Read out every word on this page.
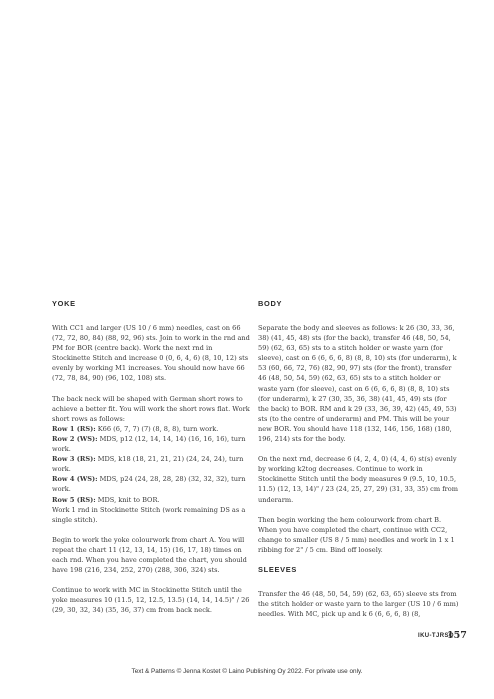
YOKE

With CC1 and larger (US 10 / 6 mm) needles, cast on 66 (72, 72, 80, 84) (88, 92, 96) sts. Join to work in the rnd and PM for BOR (centre back). Work the next rnd in Stockinette Stitch and increase 0 (0, 6, 4, 6) (8, 10, 12) sts evenly by working M1 increases. You should now have 66 (72, 78, 84, 90) (96, 102, 108) sts.

The back neck will be shaped with German short rows to achieve a better fit. You will work the short rows flat. Work short rows as follows:

Row 1 (RS): K66 (6, 7, 7) (7) (8, 8, 8), turn work.
Row 2 (WS): MDS, p12 (12, 14, 14, 14) (16, 16, 16), turn work.
Row 3 (RS): MDS, k18 (18, 21, 21, 21) (24, 24, 24), turn work.
Row 4 (WS): MDS, p24 (24, 28, 28, 28) (32, 32, 32), turn work.
Row 5 (RS): MDS, knit to BOR.

Work 1 rnd in Stockinette Stitch (work remaining DS as a single stitch).

Begin to work the yoke colourwork from chart A. You will repeat the chart 11 (12, 13, 14, 15) (16, 17, 18) times on each rnd. When you have completed the chart, you should have 198 (216, 234, 252, 270) (288, 306, 324) sts.

Continue to work with MC in Stockinette Stitch until the yoke measures 10 (11.5, 12, 12.5, 13.5) (14, 14, 14.5)" / 26 (29, 30, 32, 34) (35, 36, 37) cm from back neck.

BODY

Separate the body and sleeves as follows: k 26 (30, 33, 36, 38) (41, 45, 48) sts (for the back), transfer 46 (48, 50, 54, 59) (62, 63, 65) sts to a stitch holder or waste yarn (for sleeve), cast on 6 (6, 6, 6, 8) (8, 8, 10) sts (for underarm), k 53 (60, 66, 72, 76) (82, 90, 97) sts (for the front), transfer 46 (48, 50, 54, 59) (62, 63, 65) sts to a stitch holder or waste yarn (for sleeve), cast on 6 (6, 6, 6, 8) (8, 8, 10) sts (for underarm), k 27 (30, 35, 36, 38) (41, 45, 49) sts (for the back) to BOR. RM and k 29 (33, 36, 39, 42) (45, 49, 53) sts (to the centre of underarm) and PM. This will be your new BOR. You should have 118 (132, 146, 156, 168) (180, 196, 214) sts for the body.

On the next rnd, decrease 6 (4, 2, 4, 0) (4, 4, 6) st(s) evenly by working k2tog decreases. Continue to work in Stockinette Stitch until the body measures 9 (9.5, 10, 10.5, 11.5) (12, 13, 14)" / 23 (24, 25, 27, 29) (31, 33, 35) cm from underarm.

Then begin working the hem colourwork from chart B. When you have completed the chart, continue with CC2, change to smaller (US 8 / 5 mm) needles and work in 1 x 1 ribbing for 2" / 5 cm. Bind off loosely.

SLEEVES

Transfer the 46 (48, 50, 54, 59) (62, 63, 65) sleeve sts from the stitch holder or waste yarn to the larger (US 10 / 6 mm) needles. With MC, pick up and k 6 (6, 6, 6, 8) (8,

IKU-TJRSO
157
Text & Patterns © Jenna Kostet © Laino Publishing Oy 2022. For private use only.
